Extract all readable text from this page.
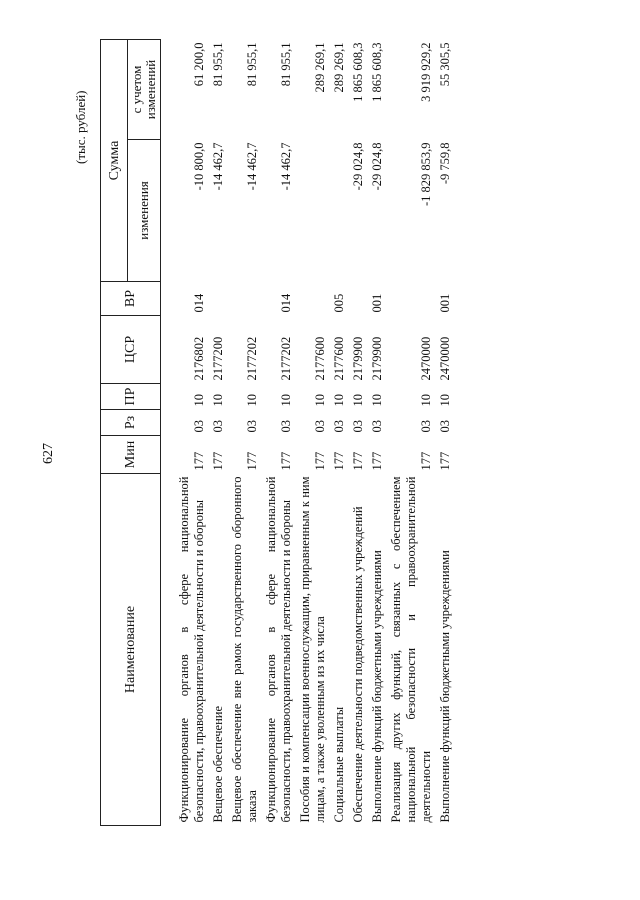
627
(тыс. рублей)
Наименование	Мин	Рз	ПР	ЦСР	ВР	Сумма	
						изменения	с учетом изменений
Функционирование органов в сфере национальной безопасности, правоохранительной деятельности и обороны	177	03	10	2176802	014	-10 800,0	61 200,0
Вещевое обеспечение	177	03	10	2177200		-14 462,7	81 955,1
Вещевое обеспечение вне рамок государственного оборонного заказа	177	03	10	2177202		-14 462,7	81 955,1
Функционирование органов в сфере национальной безопасности, правоохранительной деятельности и обороны	177	03	10	2177202	014	-14 462,7	81 955,1
Пособия и компенсации военнослужащим, приравненным к ним лицам, а также уволенным из их числа	177	03	10	2177600			289 269,1
Социальные выплаты	177	03	10	2177600	005		289 269,1
Обеспечение деятельности подведомственных учреждений	177	03	10	2179900		-29 024,8	1 865 608,3
Выполнение функций бюджетными учреждениями	177	03	10	2179900	001	-29 024,8	1 865 608,3
Реализация других функций, связанных с обеспечением национальной безопасности и правоохранительной деятельности	177	03	10	2470000		-1 829 853,9	3 919 929,2
Выполнение функций бюджетными учреждениями	177	03	10	2470000	001	-9 759,8	55 305,5
